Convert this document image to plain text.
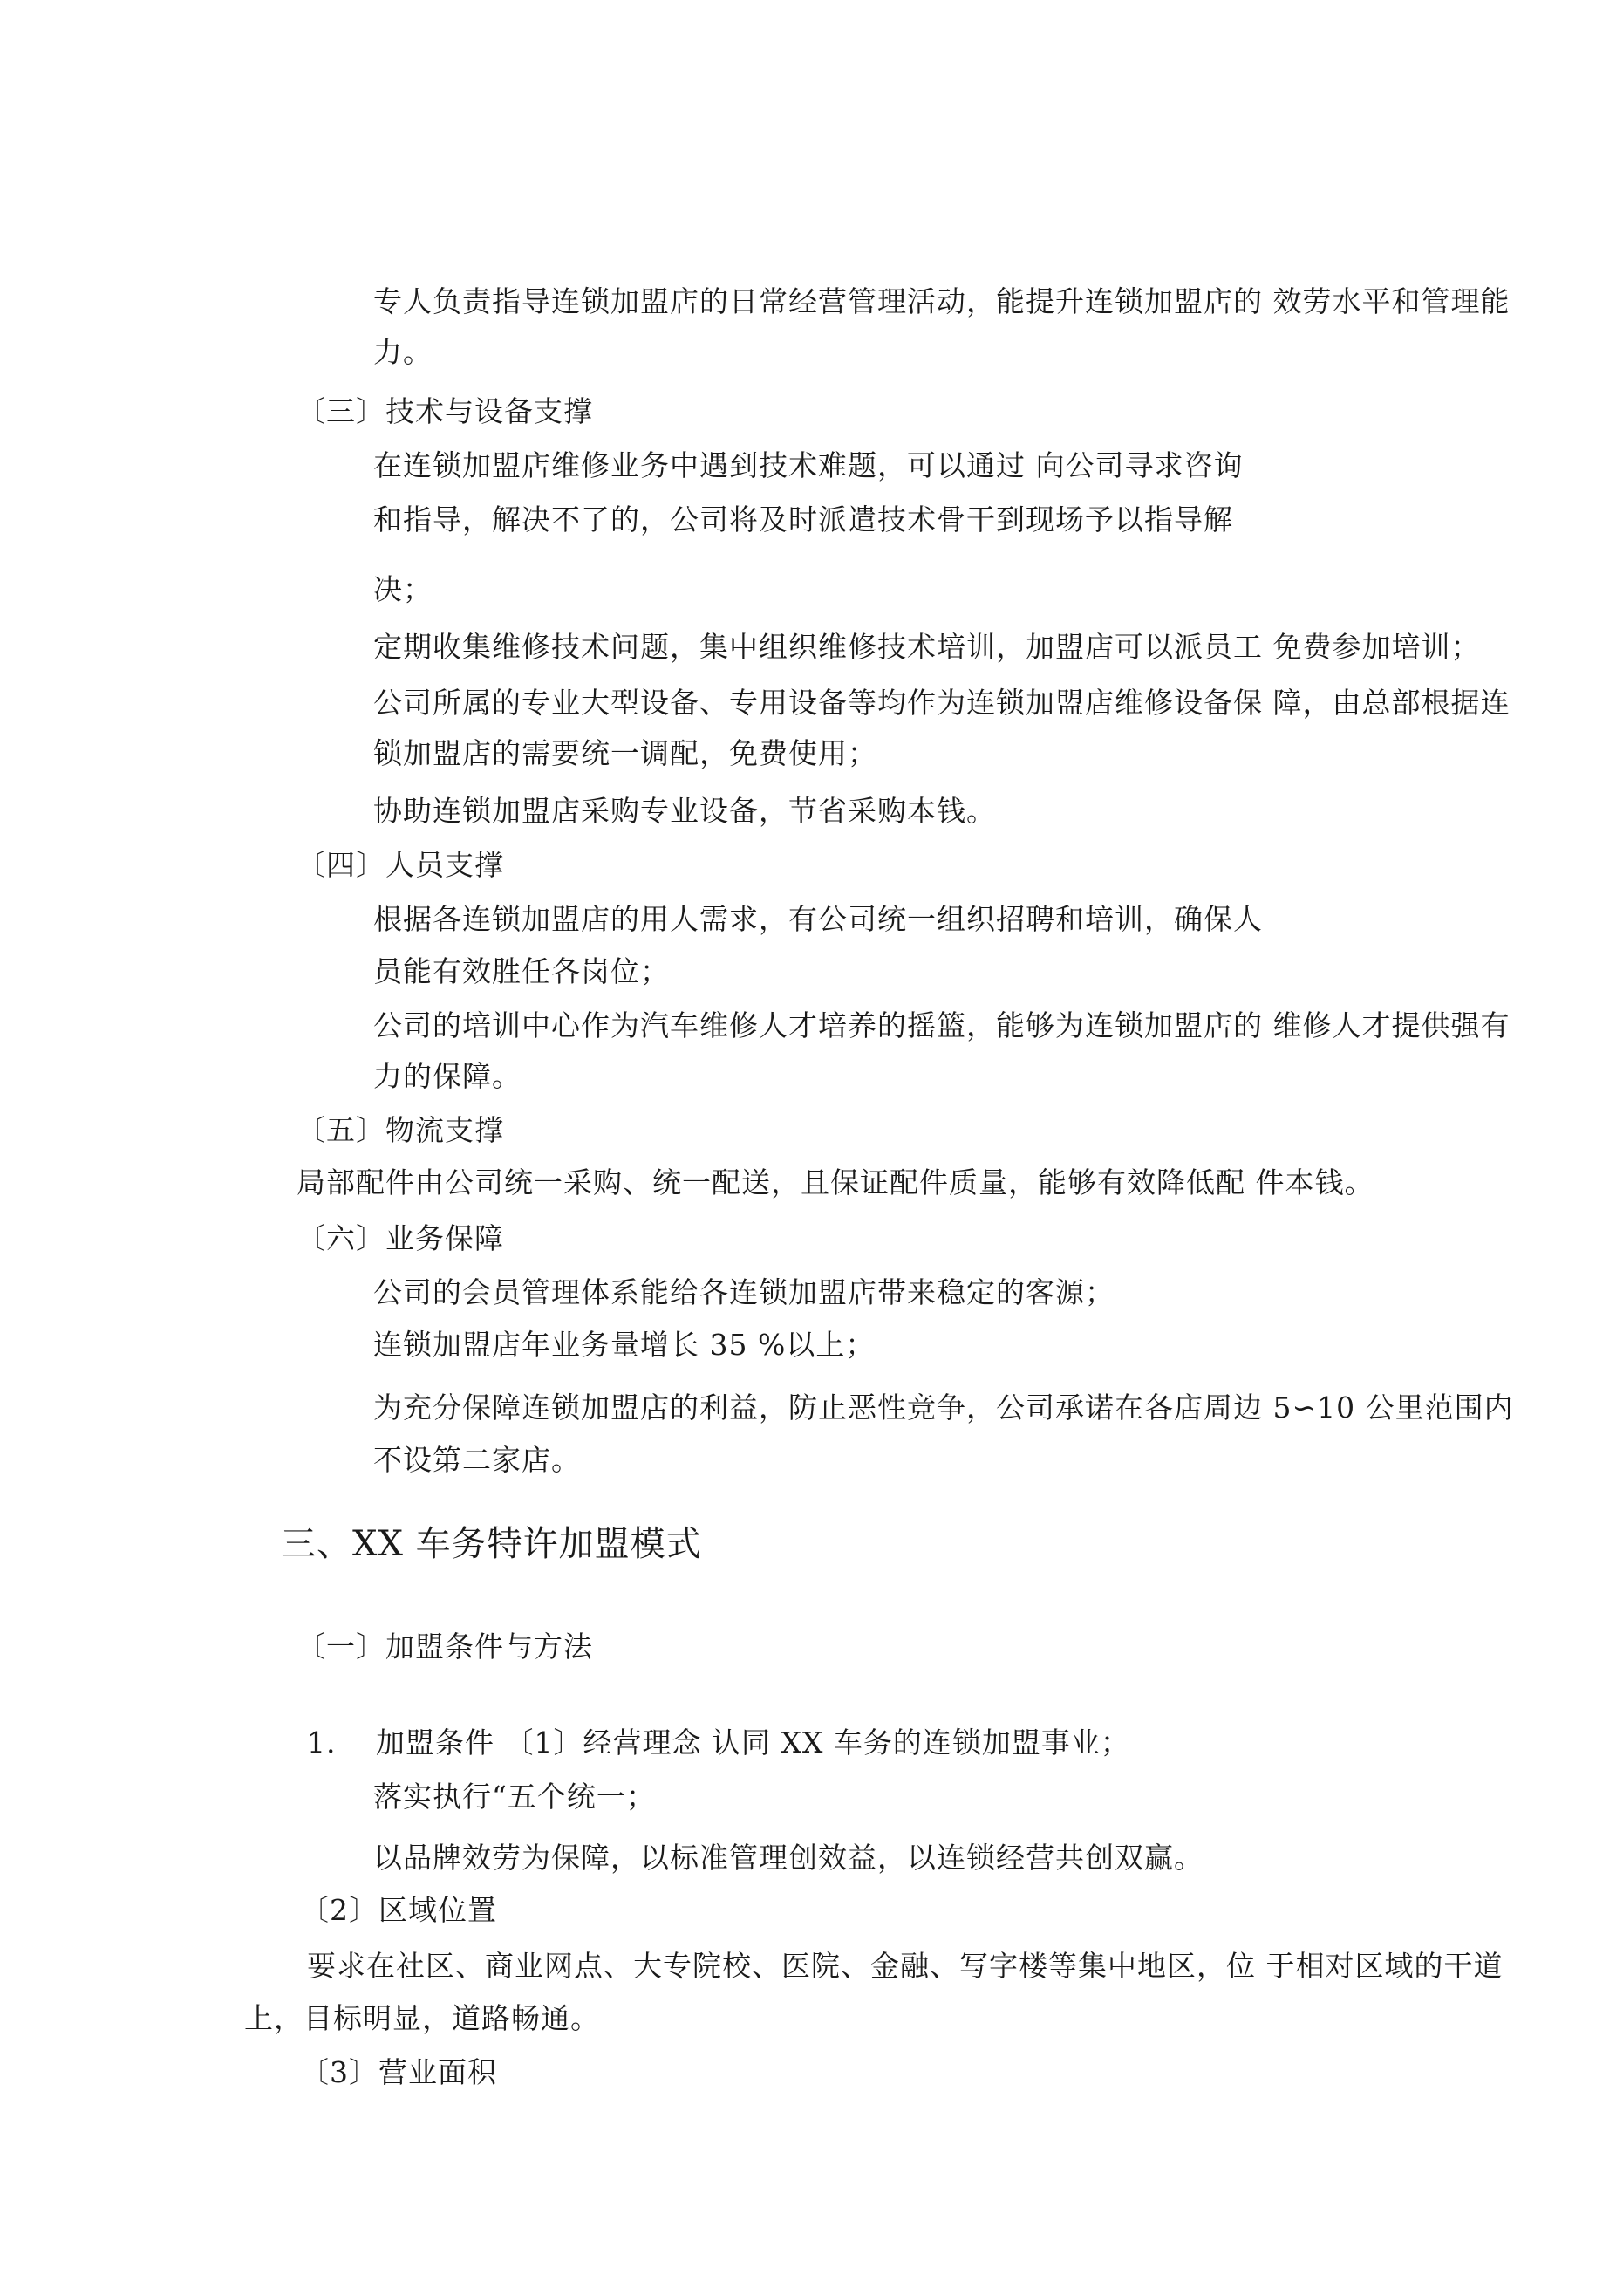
专人负责指导连锁加盟店的日常经营管理活动，能提升连锁加盟店的 效劳水平和管理能

力。

〔三〕技术与设备支撑

在连锁加盟店维修业务中遇到技术难题，可以通过 向公司寻求咨询

和指导，解决不了的，公司将及时派遣技术骨干到现场予以指导解

决；

定期收集维修技术问题，集中组织维修技术培训，加盟店可以派员工 免费参加培训；

公司所属的专业大型设备、专用设备等均作为连锁加盟店维修设备保 障，由总部根据连

锁加盟店的需要统一调配，免费使用；

协助连锁加盟店采购专业设备，节省采购本钱。

〔四〕人员支撑

根据各连锁加盟店的用人需求，有公司统一组织招聘和培训，确保人

员能有效胜任各岗位；

公司的培训中心作为汽车维修人才培养的摇篮，能够为连锁加盟店的 维修人才提供强有

力的保障。

〔五〕物流支撑

局部配件由公司统一采购、统一配送，且保证配件质量，能够有效降低配 件本钱。

〔六〕业务保障

公司的会员管理体系能给各连锁加盟店带来稳定的客源；

连锁加盟店年业务量增长 35 %以上；

为充分保障连锁加盟店的利益，防止恶性竞争，公司承诺在各店周边 5∽10 公里范围内

不设第二家店。

三、XX 车务特许加盟模式

〔一〕加盟条件与方法

1.　 加盟条件 〔1〕经营理念 认同 XX 车务的连锁加盟事业；

落实执行“五个统一；

以品牌效劳为保障，以标准管理创效益，以连锁经营共创双赢。

〔2〕区域位置

要求在社区、商业网点、大专院校、医院、金融、写字楼等集中地区，位 于相对区域的干道

上，目标明显，道路畅通。

〔3〕营业面积
